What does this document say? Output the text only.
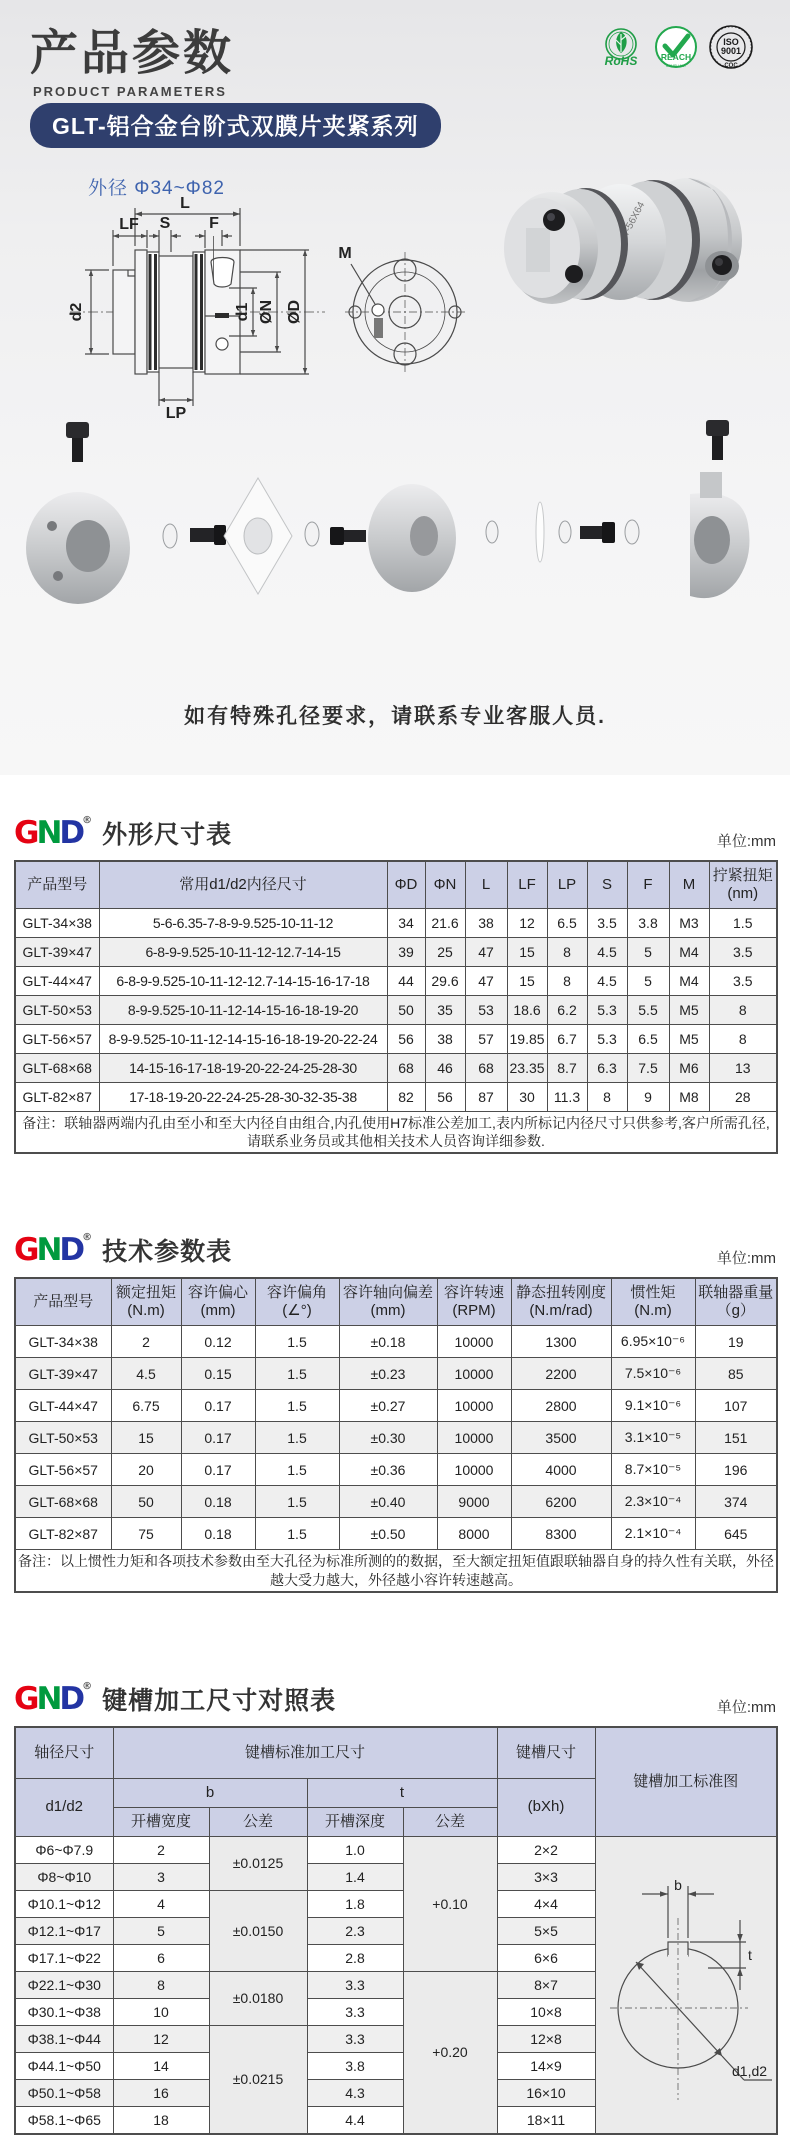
产品参数
PRODUCT PARAMETERS
RoHS	REACH
COMPLIANT
ISO
9001
CQC
GLT-铝合金台阶式双膜片夹紧系列
外径 Φ34~Φ82
L
LF S F
d2
LP
d1 ØN ØD
M
GLT-56X64
如有特殊孔径要求，请联系专业客服人员.
GND®
外形尺寸表	单位:mm
产品型号	常用d1/d2内径尺寸	ΦD	ΦN	L	LF	LP	S	F	M	拧紧扭矩
(nm)
GLT-34×38	5-6-6.35-7-8-9-9.525-10-11-12	34	21.6	38	12	6.5	3.5	3.8	M3	1.5
GLT-39×47	6-8-9-9.525-10-11-12-12.7-14-15	39	25	47	15	8	4.5	5	M4	3.5
GLT-44×47	6-8-9-9.525-10-11-12-12.7-14-15-16-17-18	44	29.6	47	15	8	4.5	5	M4	3.5
GLT-50×53	8-9-9.525-10-11-12-14-15-16-18-19-20	50	35	53	18.6	6.2	5.3	5.5	M5	8
GLT-56×57	8-9-9.525-10-11-12-14-15-16-18-19-20-22-24	56	38	57	19.85	6.7	5.3	6.5	M5	8
GLT-68×68	14-15-16-17-18-19-20-22-24-25-28-30	68	46	68	23.35	8.7	6.3	7.5	M6	13
GLT-82×87	17-18-19-20-22-24-25-28-30-32-35-38	82	56	87	30	11.3	8	9	M8	28
备注：联轴器两端内孔由至小和至大内径自由组合,内孔使用H7标准公差加工,表内所标记内径尺寸只供参考,客户所需孔径,请联系业务员或其他相关技术人员咨询详细参数.										
GND®
技术参数表	单位:mm
产品型号	额定扭矩
(N.m)	容许偏心
(mm)	容许偏角
(∠°)	容许轴向偏差
(mm)	容许转速
(RPM)	静态扭转刚度
(N.m/rad)	惯性矩
(N.m)	联轴器重量
（g）
GLT-34×38	2	0.12	1.5	±0.18	10000	1300	6.95×10⁻⁶	19
GLT-39×47	4.5	0.15	1.5	±0.23	10000	2200	7.5×10⁻⁶	85
GLT-44×47	6.75	0.17	1.5	±0.27	10000	2800	9.1×10⁻⁶	107
GLT-50×53	15	0.17	1.5	±0.30	10000	3500	3.1×10⁻⁵	151
GLT-56×57	20	0.17	1.5	±0.36	10000	4000	8.7×10⁻⁵	196
GLT-68×68	50	0.18	1.5	±0.40	9000	6200	2.3×10⁻⁴	374
GLT-82×87	75	0.18	1.5	±0.50	8000	8300	2.1×10⁻⁴	645
备注：以上惯性力矩和各项技术参数由至大孔径为标准所测的的数据，至大额定扭矩值跟联轴器自身的持久性有关联，外径越大受力越大，外径越小容许转速越高。								
GND®
键槽加工尺寸对照表	单位:mm
轴径尺寸	键槽标准加工尺寸				键槽尺寸	键槽加工标准图
d1/d2	b		t		(bXh)	
	开槽宽度	公差	开槽深度	公差		
Φ6~Φ7.9	2	±0.0125	1.0	+0.10	2×2	b
t
d1,d2

Φ8~Φ10	3		1.4		3×3	
Φ10.1~Φ12	4	±0.0150	1.8		4×4	
Φ12.1~Φ17	5		2.3		5×5	
Φ17.1~Φ22	6		2.8		6×6	
Φ22.1~Φ30	8	±0.0180	3.3	+0.20	8×7	
Φ30.1~Φ38	10		3.3		10×8	
Φ38.1~Φ44	12	±0.0215	3.3		12×8	
Φ44.1~Φ50	14		3.8		14×9	
Φ50.1~Φ58	16		4.3		16×10	
Φ58.1~Φ65	18		4.4		18×11	
